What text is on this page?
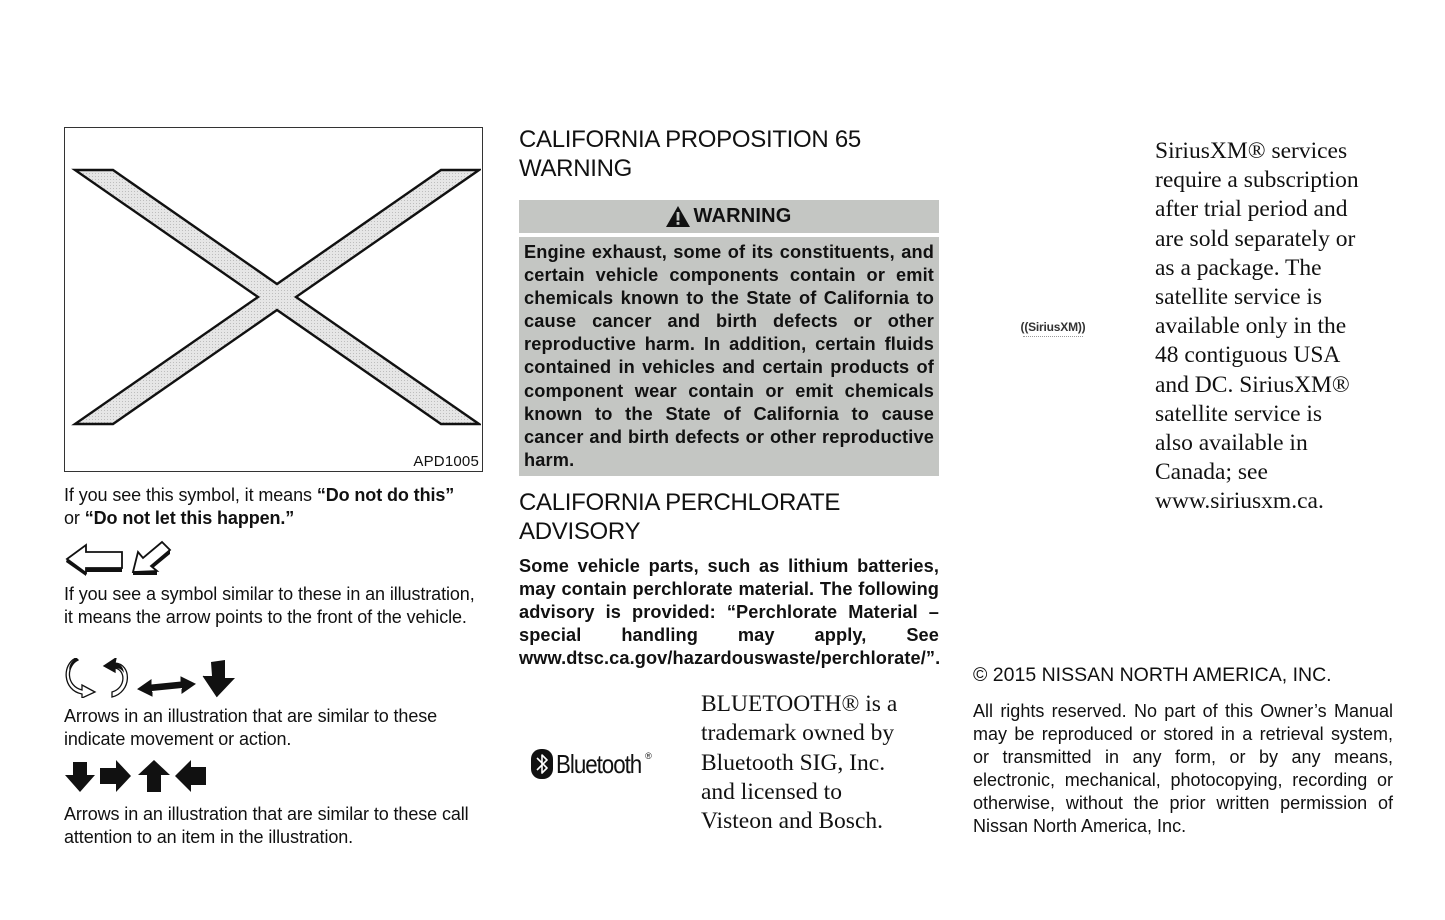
APD1005
If you see this symbol, it means “Do not do this”
or “Do not let this happen.”

If you see a symbol similar to these in an illustration, it means the arrow points to the front of the vehicle.

Arrows in an illustration that are similar to these indicate movement or action.

Arrows in an illustration that are similar to these call attention to an item in the illustration.
CALIFORNIA PROPOSITION 65
WARNING
WARNING
Engine exhaust, some of its constituents, and certain vehicle components contain or emit chemicals known to the State of California to cause cancer and birth defects or other reproductive harm. In addition, certain fluids contained in vehicles and certain products of component wear contain or emit chemicals known to the State of California to cause cancer and birth defects or other reproductive harm.
CALIFORNIA PERCHLORATE
ADVISORY
Some vehicle parts, such as lithium batteries, may contain perchlorate material. The following advisory is provided: “Perchlorate Material – special handling may apply, See www.dtsc.ca.gov/hazardouswaste/perchlorate/”.
Bluetooth ®
BLUETOOTH® is a
trademark owned by
Bluetooth SIG, Inc.
and licensed to
Visteon and Bosch.
((SiriusXM))
SiriusXM® services
require a subscription
after trial period and
are sold separately or
as a package. The
satellite service is
available only in the
48 contiguous USA
and DC. SiriusXM®
satellite service is
also available in
Canada; see
www.siriusxm.ca.
© 2015 NISSAN NORTH AMERICA, INC.
All rights reserved. No part of this Owner’s Manual may be reproduced or stored in a retrieval system, or transmitted in any form, or by any means, electronic, mechanical, photocopying, recording or otherwise, without the prior written permission of Nissan North America, Inc.
